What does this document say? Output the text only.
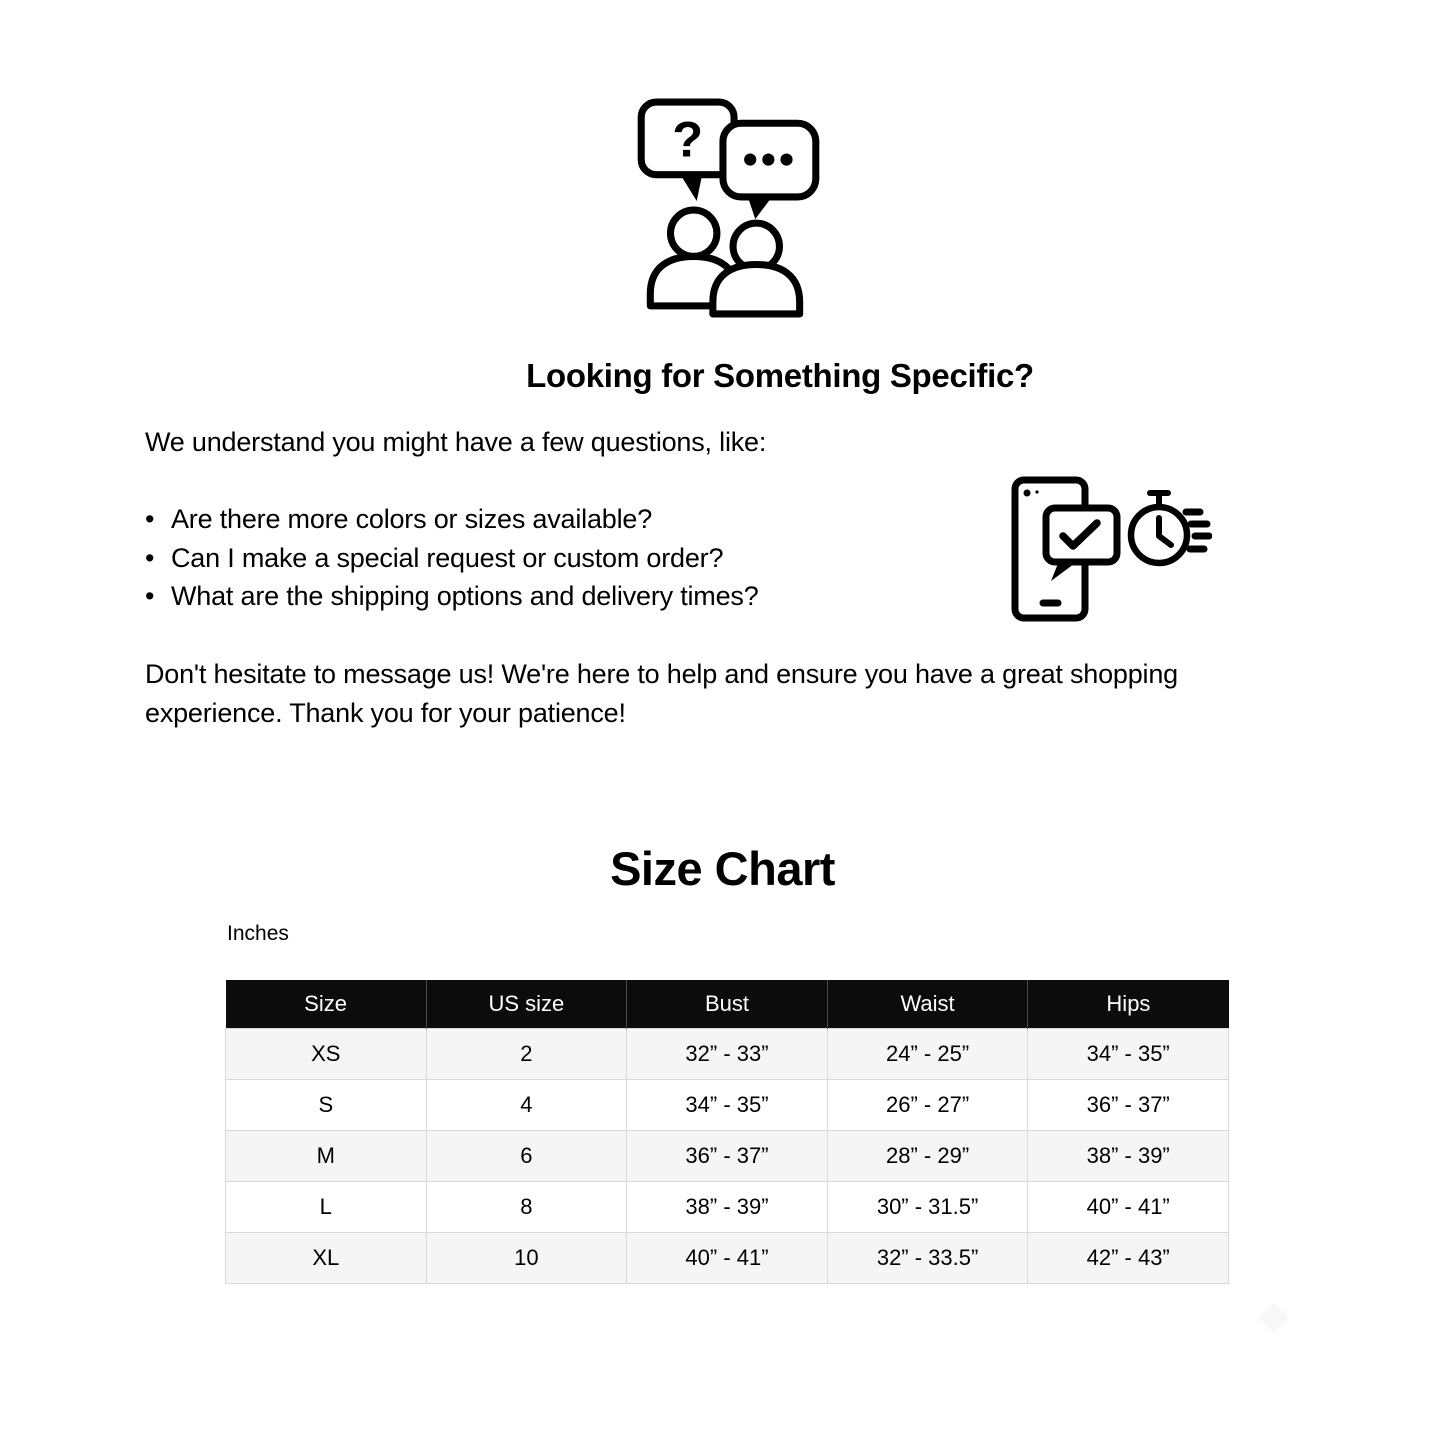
?
Looking for Something Specific?
We understand you might have a few questions, like:
• Are there more colors or sizes available?
• Can I make a special request or custom order?
• What are the shipping options and delivery times?
Don't hesitate to message us! We're here to help and ensure you have a great shopping experience. Thank you for your patience!
Size Chart
Inches
Size	US size	Bust	Waist	Hips
XS	2	32” - 33”	24” - 25”	34” - 35”
S	4	34” - 35”	26” - 27”	36” - 37”
M	6	36” - 37”	28” - 29”	38” - 39”
L	8	38” - 39”	30” - 31.5”	40” - 41”
XL	10	40” - 41”	32” - 33.5”	42” - 43”
